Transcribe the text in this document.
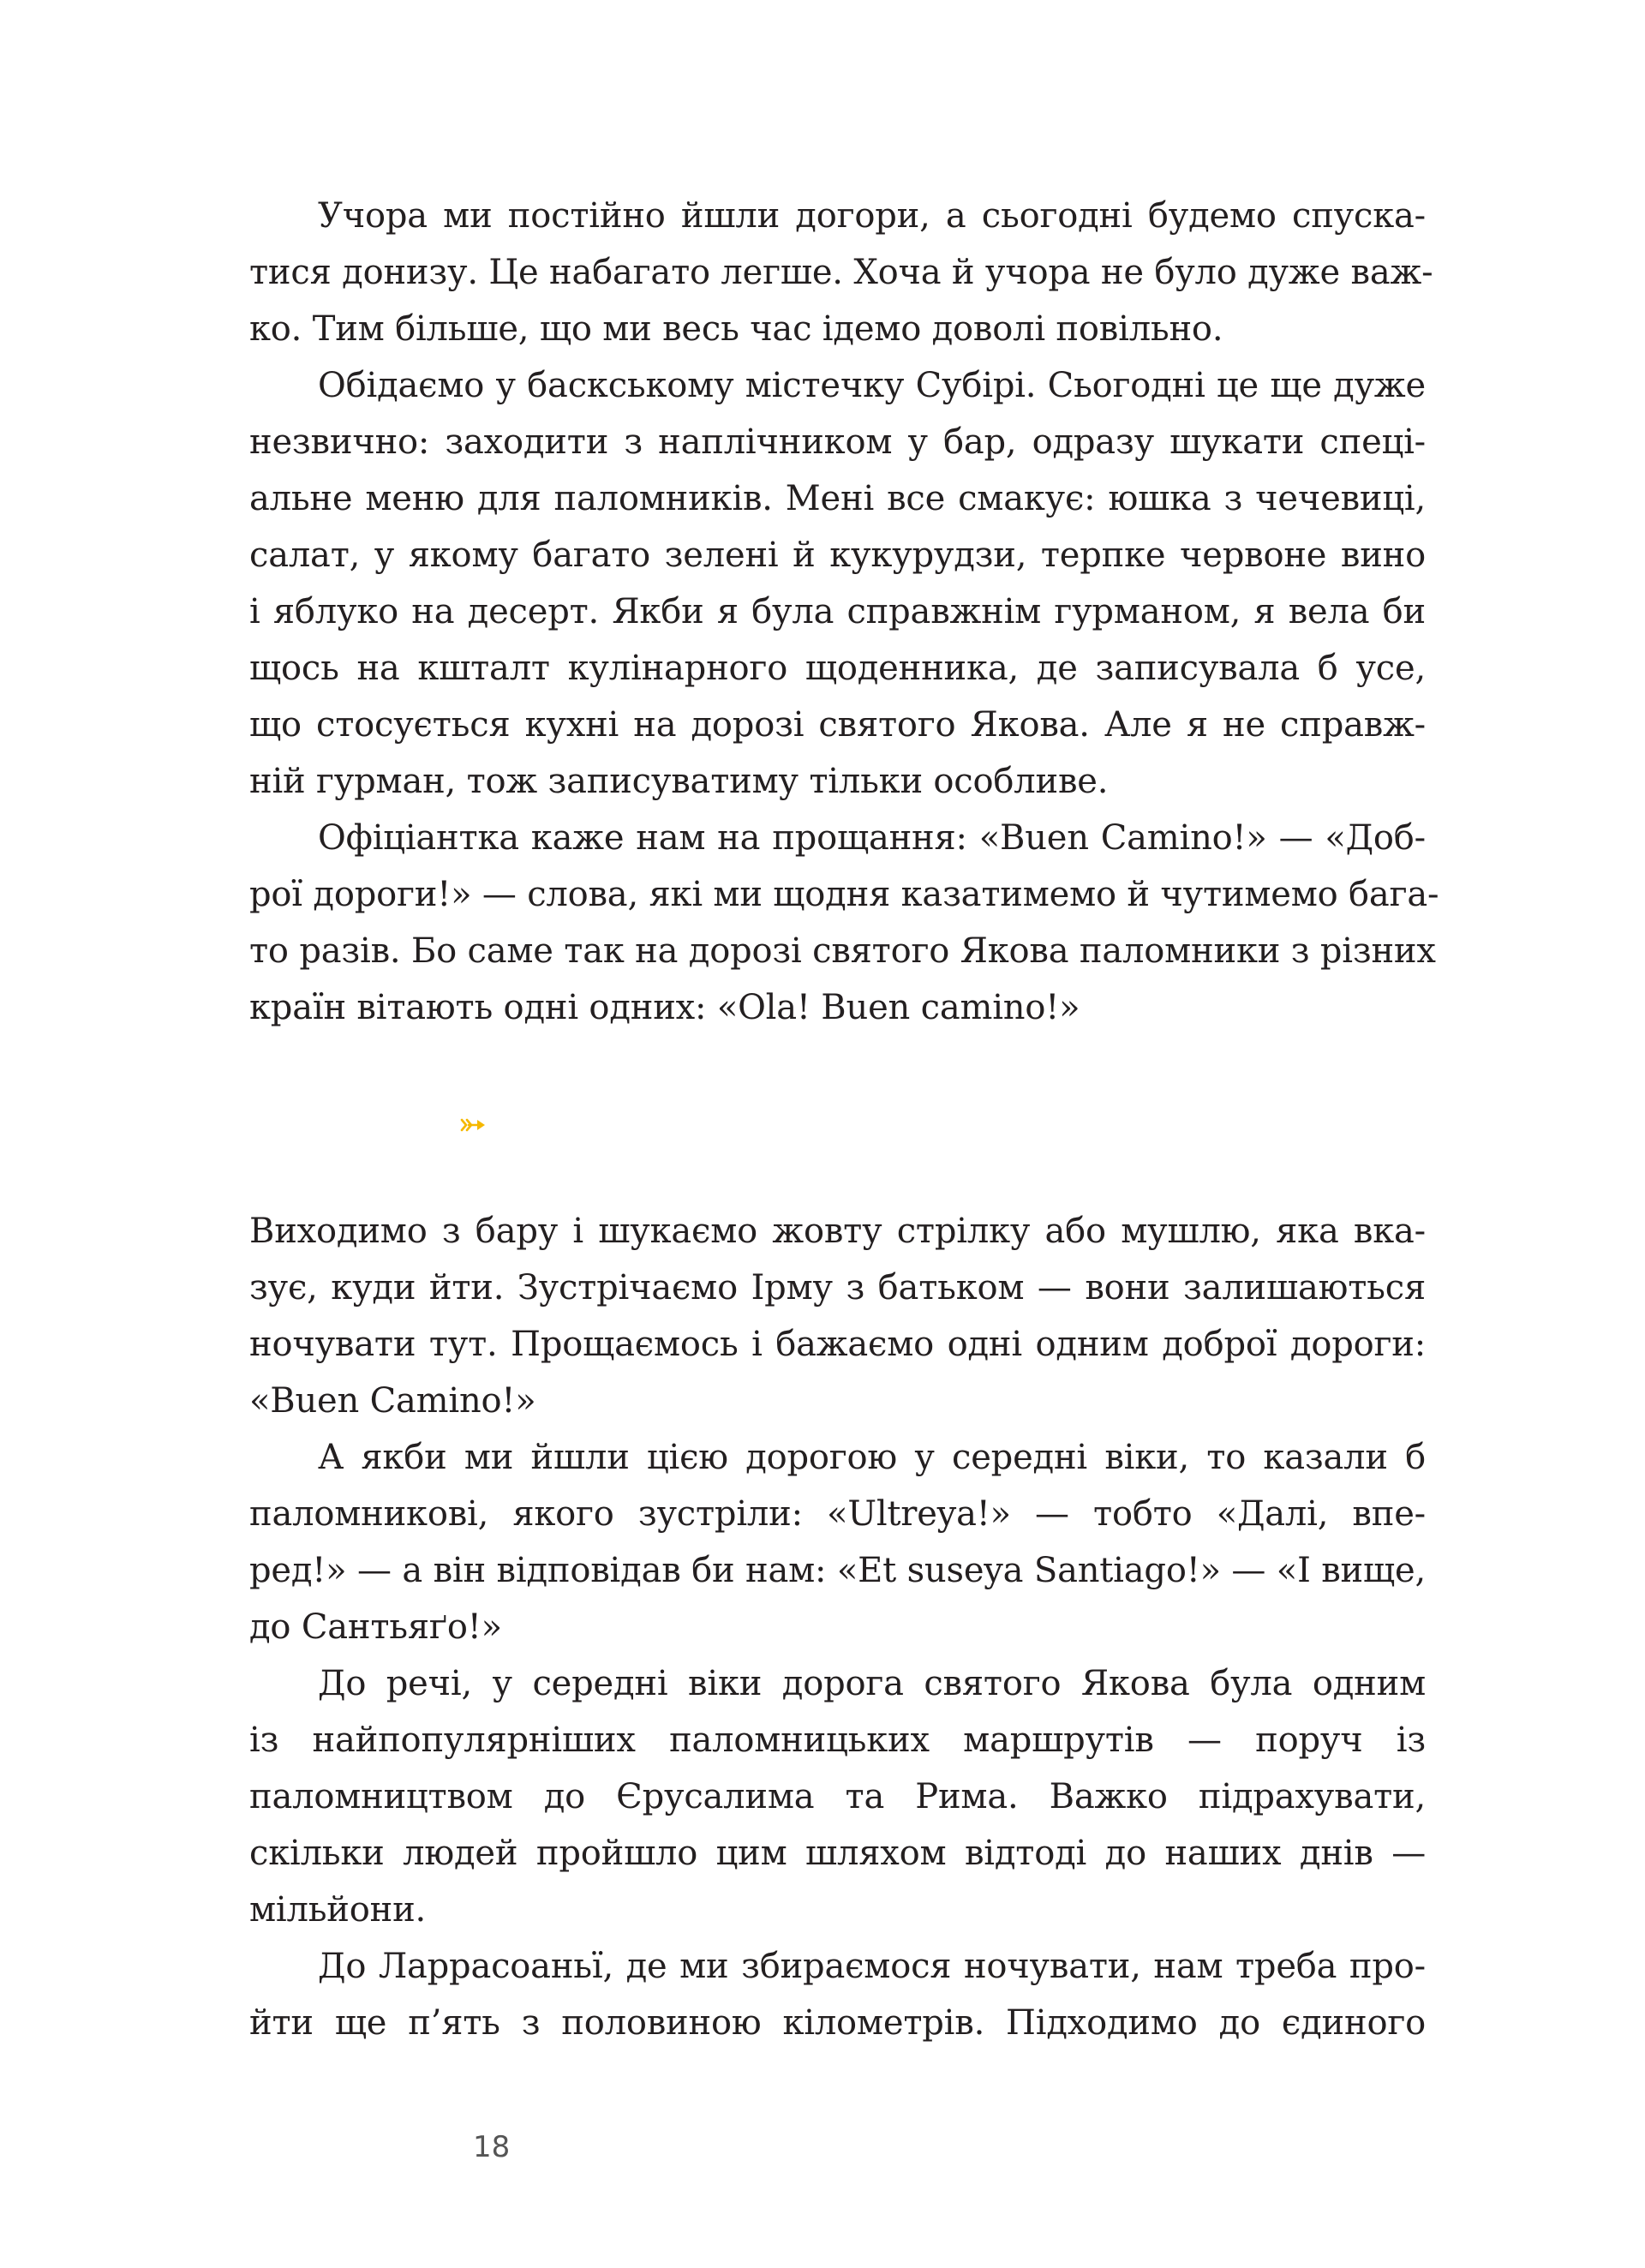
Учора ми постійно йшли догори, а сьогодні будемо спуска-
тися донизу. Це набагато легше. Хоча й учора не було дуже важ-
ко. Тим більше, що ми весь час ідемо доволі повільно.
Обідаємо у баскському містечку Субірі. Сьогодні це ще дуже
незвично: заходити з наплічником у бар, одразу шукати спеці-
альне меню для паломників. Мені все смакує: юшка з чечевиці,
салат, у якому багато зелені й кукурудзи, терпке червоне вино
і яблуко на десерт. Якби я була справжнім гурманом, я вела би
щось на кшталт кулінарного щоденника, де записувала б усе,
що стосується кухні на дорозі святого Якова. Але я не справж-
ній гурман, тож записуватиму тільки особливе.
Офіціантка каже нам на прощання: «Buen Camino!» — «Доб-
рої дороги!» — слова, які ми щодня казатимемо й чутимемо бага-
то разів. Бо саме так на дорозі святого Якова паломники з різних
країн вітають одні одних: «Ola! Buen camino!»
Виходимо з бару і шукаємо жовту стрілку або мушлю, яка вка-
зує, куди йти. Зустрічаємо Ірму з батьком — вони залишаються
ночувати тут. Прощаємось і бажаємо одні одним доброї дороги:
«Buen Camino!»
А якби ми йшли цією дорогою у середні віки, то казали б
паломникові, якого зустріли: «Ultreya!» — тобто «Далі, впе-
ред!» — а він відповідав би нам: «Et suseya Santiago!» — «І вище,
до Сантьяґо!»
До речі, у середні віки дорога святого Якова була одним
із найпопулярніших паломницьких маршрутів — поруч із
паломництвом до Єрусалима та Рима. Важко підрахувати,
скільки людей пройшло цим шляхом відтоді до наших днів —
мільйони.
До Ларрасоаньї, де ми збираємося ночувати, нам треба про-
йти ще п’ять з половиною кілометрів. Підходимо до єдиного
18
